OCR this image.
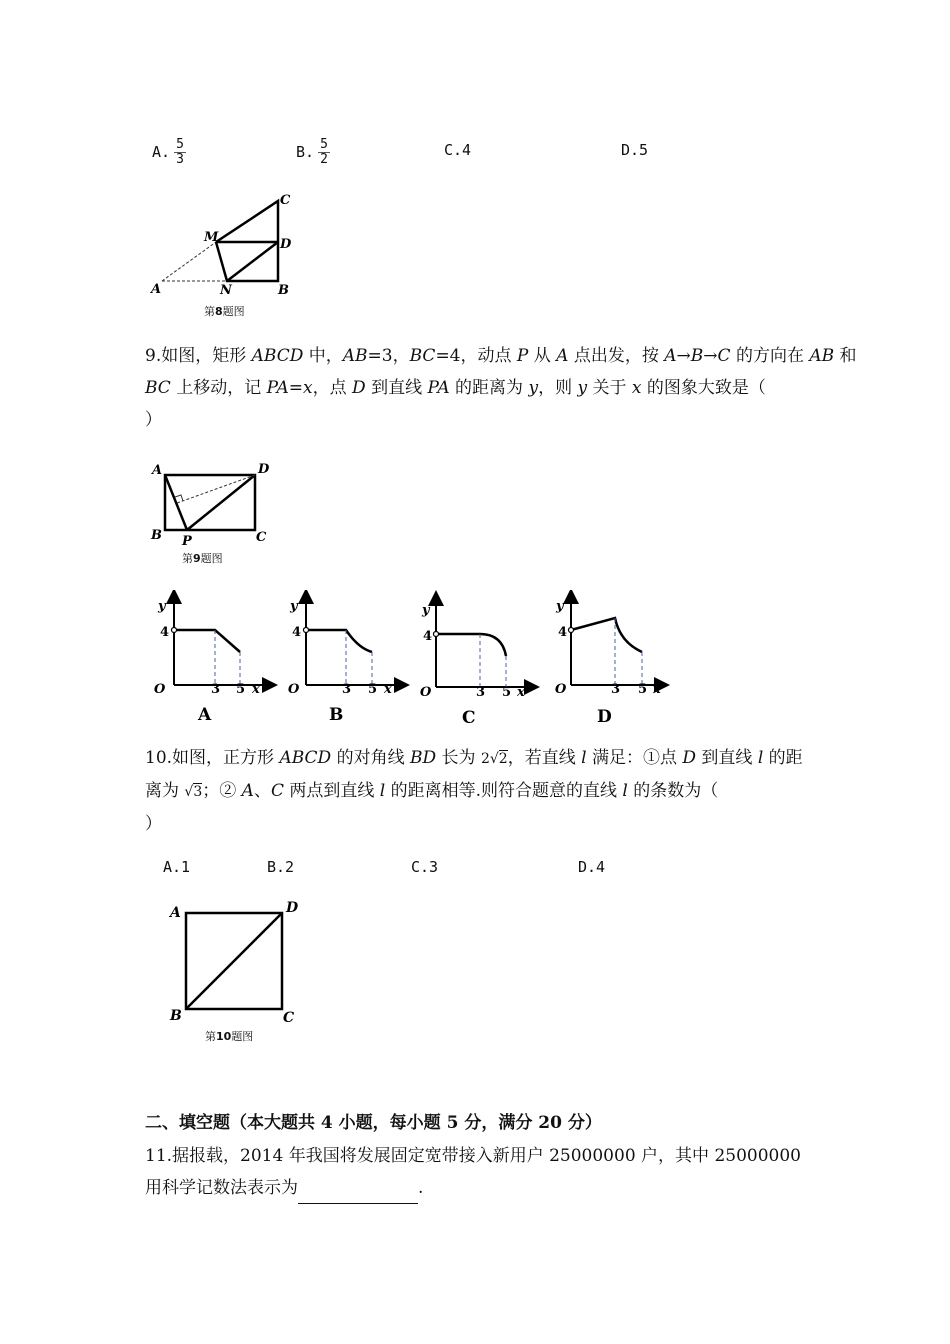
A. $\frac{5}{3}$	B. $\frac{5}{2}$	C.4	D.5
C
D
M
A	N	B
第8题图
9.如图，矩形 ABCD 中，AB=3，BC=4，动点 P 从 A 点出发，按 A→B→C 的方向在 AB 和
BC 上移动，记 PA=x，点 D 到直线 PA 的距离为 y，则 y 关于 x 的图象大致是（
）
A	D
B P	C
第9题图
y
4
O	3 5 x
A
y
4
O	3 5 x
B
y
4
O	3 5 x
C
y
4
O	3 5 x
D
10.如图，正方形 ABCD 的对角线 BD 长为 2√2，若直线 l 满足：①点 D 到直线 l 的距
离为 √3；② A、C 两点到直线 l 的距离相等.则符合题意的直线 l 的条数为（
）
A.1	B.2	C.3	D.4
A	D
B	C
第10题图
二、填空题（本大题共 4 小题，每小题 5 分，满分 20 分）
11.据报载，2014 年我国将发展固定宽带接入新用户 25000000 户，其中 25000000
用科学记数法表示为	.
